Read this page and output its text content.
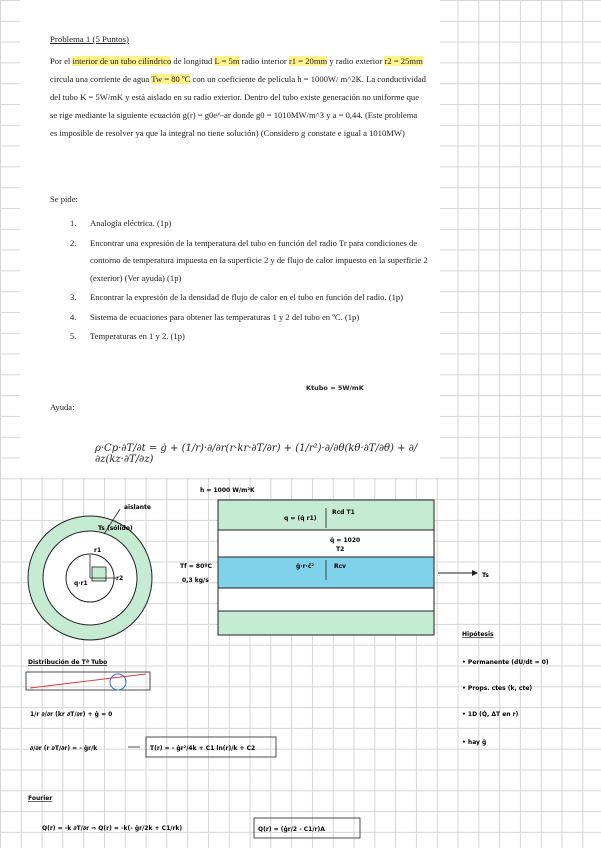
Problema 1 (5 Puntos)
Por el interior de un tubo cilíndrico de longitud L = 5m radio interior r1 = 20mm y radio exterior r2 = 25mm circula una corriente de agua Tw = 80 ºC con un coeficiente de película h = 1000W/ m^2K. La conductividad del tubo K = 5W/mK y está aislado en su radio exterior. Dentro del tubo existe generación no uniforme que se rige mediante la siguiente ecuación g(r) = g0e^-ar donde g0 = 1010MW/m^3 y a = 0,44. (Este problema es imposible de resolver ya que la integral no tiene solución) (Considero g constate e igual a 1010MW)
Se pide:
1. Analogía eléctrica. (1p)
2. Encontrar una expresión de la temperatura del tubo en función del radio Tr para condiciones de contorno de temperatura impuesta en la superficie 2 y de flujo de calor impuesto en la superficie 2 (exterior) (Ver ayuda) (1p)
3. Encontrar la expresión de la densidad de flujo de calor en el tubo en función del radio. (1p)
4. Sistema de ecuaciones para obtener las temperaturas 1 y 2 del tubo en ºC. (1p)
5. Temperaturas en 1 y 2. (1p)
Ktubo = 5W/mK
Ayuda:
ρ·Cp·∂T/∂t = ġ + (1/r)·∂/∂r(r·kr·∂T/∂r) + (1/r²)·∂/∂θ(kθ·∂T/∂θ) + ∂/∂z(kz·∂T/∂z)
aislante
Ts (sólido)
r1
r2
q·r1
h = 1000 W/m²K
q = (q̇ r1)
Rcd T1
q̇ = 1020
T2
ġ·r·ĉ²	Rcv
Tf = 80ºC
0,3 kg/s
Ts
Hipótesis
• Permanente (dU/dt = 0)
• Props. ctes (k, cte)
• 1D (Q̇, ΔT en r)
• hay ġ
Distribución de Tª Tubo
1/r ∂/∂r (kr ∂T/∂r) + ġ = 0
∂/∂r (r ∂T/∂r) = - ġr/k	T(r) = - ġr²/4k + C1 ln(r)/k + C2
Fourier
Q(r) = -k ∂T/∂r ⇒ Q(r) = -k(- ġr/2k + C1/rk)	Q(r) = (ġr/2 - C1/r)A
